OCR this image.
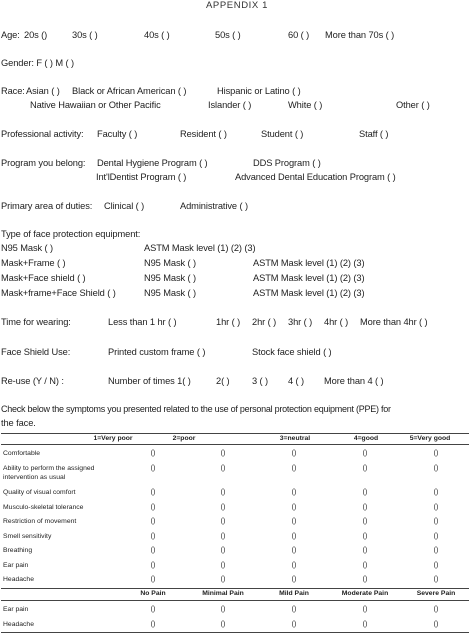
APPENDIX 1
Age: 20s ()	30s ( )	40s ( )	50s ( )	60 ( ) More than 70s ( )
Gender: F ( ) M ( )
Race: Asian ( ) Black or African American ( )	Hispanic or Latino ( )
Native Hawaiian or Other Pacific	Islander ( )	White ( )	Other ( )
Professional activity: Faculty ( )	Resident ( )	Student ( )	Staff ( )
Program you belong: Dental Hygiene Program ( )	DDS Program ( )
Int'lDentist Program ( )	Advanced Dental Education Program ( )
Primary area of duties: Clinical ( )	Administrative ( )
Type of face protection equipment:
N95 Mask ( )	ASTM Mask level (1) (2) (3)
Mask+Frame ( )	N95 Mask ( )	ASTM Mask level (1) (2) (3)
Mask+Face shield ( )	N95 Mask ( )	ASTM Mask level (1) (2) (3)
Mask+frame+Face Shield ( )	N95 Mask ( )	ASTM Mask level (1) (2) (3)
Time for wearing:	Less than 1 hr ( )	1hr ( ) 2hr ( ) 3hr ( ) 4hr ( ) More than 4hr ( )
Face Shield Use:	Printed custom frame ( )	Stock face shield ( )
Re-use (Y / N) :	Number of times 1( )	2( ) 3 ( ) 4 ( ) More than 4 ( )
Check below the symptoms you presented related to the use of personal protection equipment (PPE) for
the face.
1=Very poor	2=poor	3=neutral	4=good	5=Very good
Comfortable	()	()	()	()	()
Ability to perform the assigned
intervention as usual
()	()	()	()	()
Quality of visual comfort	()	()	()	()	()
Musculo-skeletal tolerance	()	()	()	()	()
Restriction of movement	()	()	()	()	()
Smell sensitivity	()	()	()	()	()
Breathing	()	()	()	()	()
Ear pain	()	()	()	()	()
Headache	()	()	()	()	()
No Pain	Minimal Pain	Mild Pain	Moderate Pain	Severe Pain
Ear pain	()	()	()	()	()
Headache	()	()	()	()	()
